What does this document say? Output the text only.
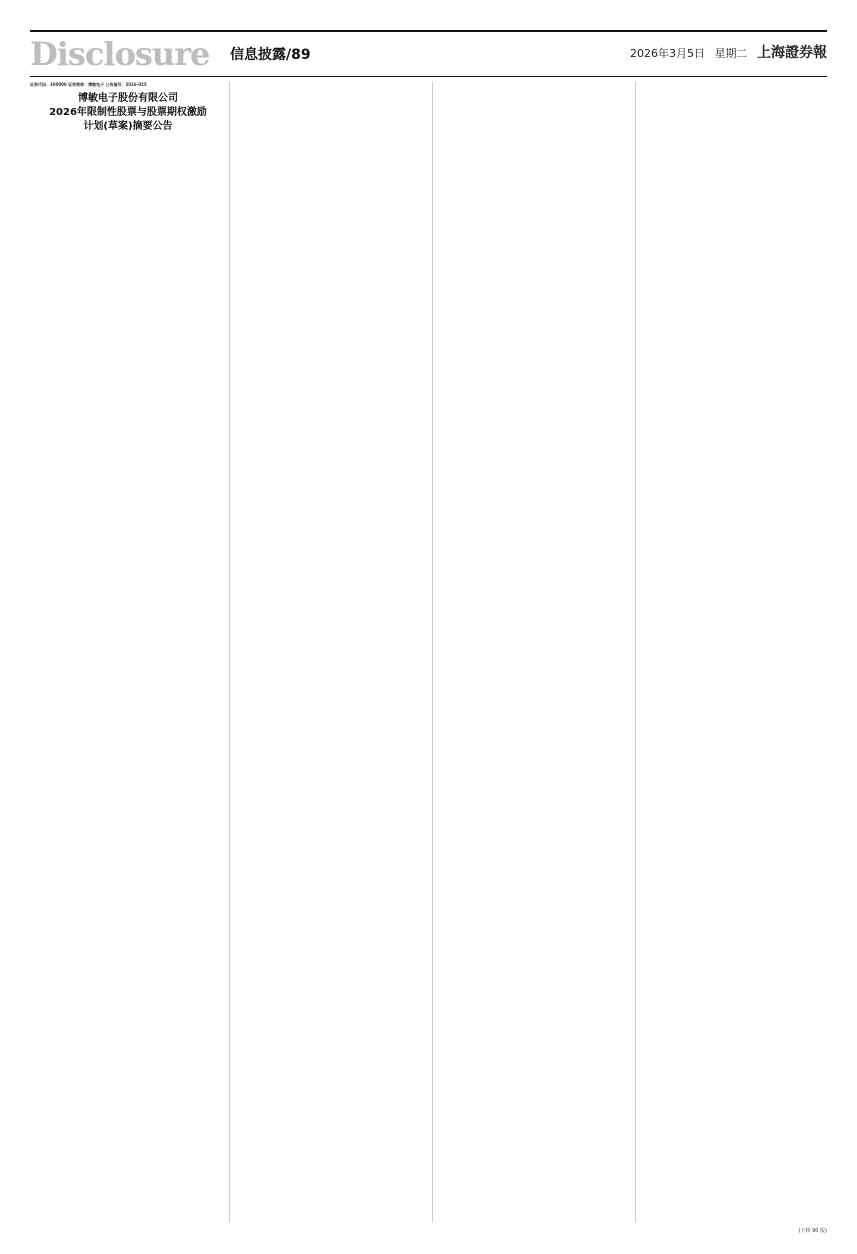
Disclosure	信息披露/89	2026年3月5日 星期二 上海證券報
证券代码：300000 证券简称：博敏电子 公告编号：2026-025
博敏电子股份有限公司
2026年限制性股票与股票期权激励
计划(草案)摘要公告
(下转 90 版)
